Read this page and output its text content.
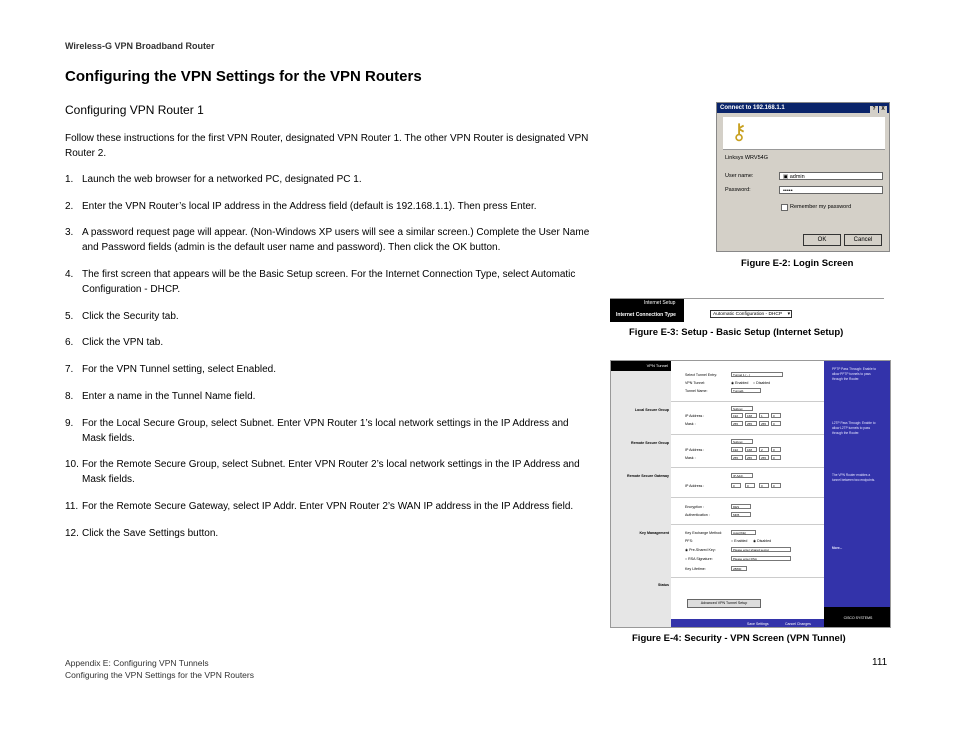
Wireless-G VPN Broadband Router
Configuring the VPN Settings for the VPN Routers
Configuring VPN Router 1
Follow these instructions for the first VPN Router, designated VPN Router 1. The other VPN Router is designated VPN Router 2.
1. Launch the web browser for a networked PC, designated PC 1.
2. Enter the VPN Router’s local IP address in the Address field (default is 192.168.1.1). Then press Enter.
3. A password request page will appear. (Non-Windows XP users will see a similar screen.) Complete the User Name and Password fields (admin is the default user name and password). Then click the OK button.
4. The first screen that appears will be the Basic Setup screen. For the Internet Connection Type, select Automatic Configuration - DHCP.
5. Click the Security tab.
6. Click the VPN tab.
7. For the VPN Tunnel setting, select Enabled.
8. Enter a name in the Tunnel Name field.
9. For the Local Secure Group, select Subnet. Enter VPN Router 1’s local network settings in the IP Address and Mask fields.
10. For the Remote Secure Group, select Subnet. Enter VPN Router 2’s local network settings in the IP Address and Mask fields.
11. For the Remote Secure Gateway, select IP Addr. Enter VPN Router 2’s WAN IP address in the IP Address field.
12. Click the Save Settings button.
Connect to 192.168.1.1	? X
⚷
Linksys WRV54G
User name:	▣ admin
Password:	•••••
Remember my password
OK	Cancel
Figure E-2: Login Screen
Internet Setup
Internet Connection Type	Automatic Configuration - DHCP ▾
Figure E-3: Setup - Basic Setup (Internet Setup)
VPN Tunnel
Local Secure Group
Remote Secure Group
Remote Secure Gateway
Key Management
Status
Select Tunnel Entry:	Tunnel 1 ( - )
VPN Tunnel:	◉ Enabled ○ Disabled
Tunnel Name:	Tunnel1
Subnet
IP Address :	192	168	1	0
Mask :	255	255	255	0
Subnet
IP Address :	192	168	2	0
Mask :	255	255	255	0
IP Addr.
IP Address :	0	0	0	0
Encryption :	DES
Authentication :	MD5
Key Exchange Method:	Auto(IKE)
PFS:	○ Enabled ◉ Disabled
◉ Pre-Shared Key:	Please enter shared secret
○ RSA Signature:	Please enter RSA
Key Lifetime:	28800
Advanced VPN Tunnel Setup
Save Settings	Cancel Changes
PPTP Pass Through: Enable to
allow PPTP tunnels to pass
through the Router.
L2TP Pass Through: Enable to
allow L2TP tunnels to pass
through the Router.
The VPN Router enables a
tunnel between two endpoints.
More...
CISCO SYSTEMS
Figure E-4: Security - VPN Screen (VPN Tunnel)
Appendix E: Configuring VPN Tunnels
Configuring the VPN Settings for the VPN Routers
111
